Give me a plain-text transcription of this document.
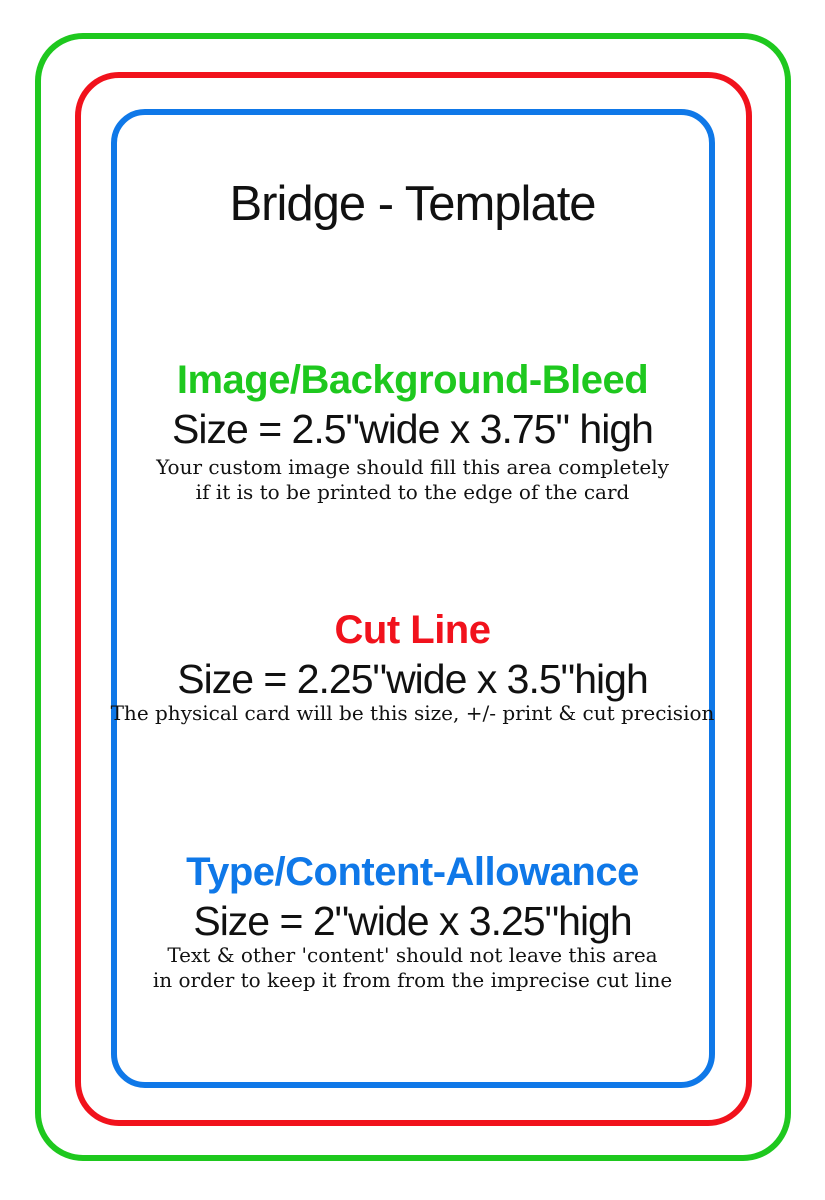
Bridge - Template
Image/Background-Bleed
Size = 2.5"wide x 3.75" high
Your custom image should fill this area completely
if it is to be printed to the edge of the card
Cut Line
Size = 2.25"wide x 3.5"high
The physical card will be this size, +/- print & cut precision
Type/Content-Allowance
Size = 2"wide x 3.25"high
Text & other 'content' should not leave this area
in order to keep it from from the imprecise cut line
